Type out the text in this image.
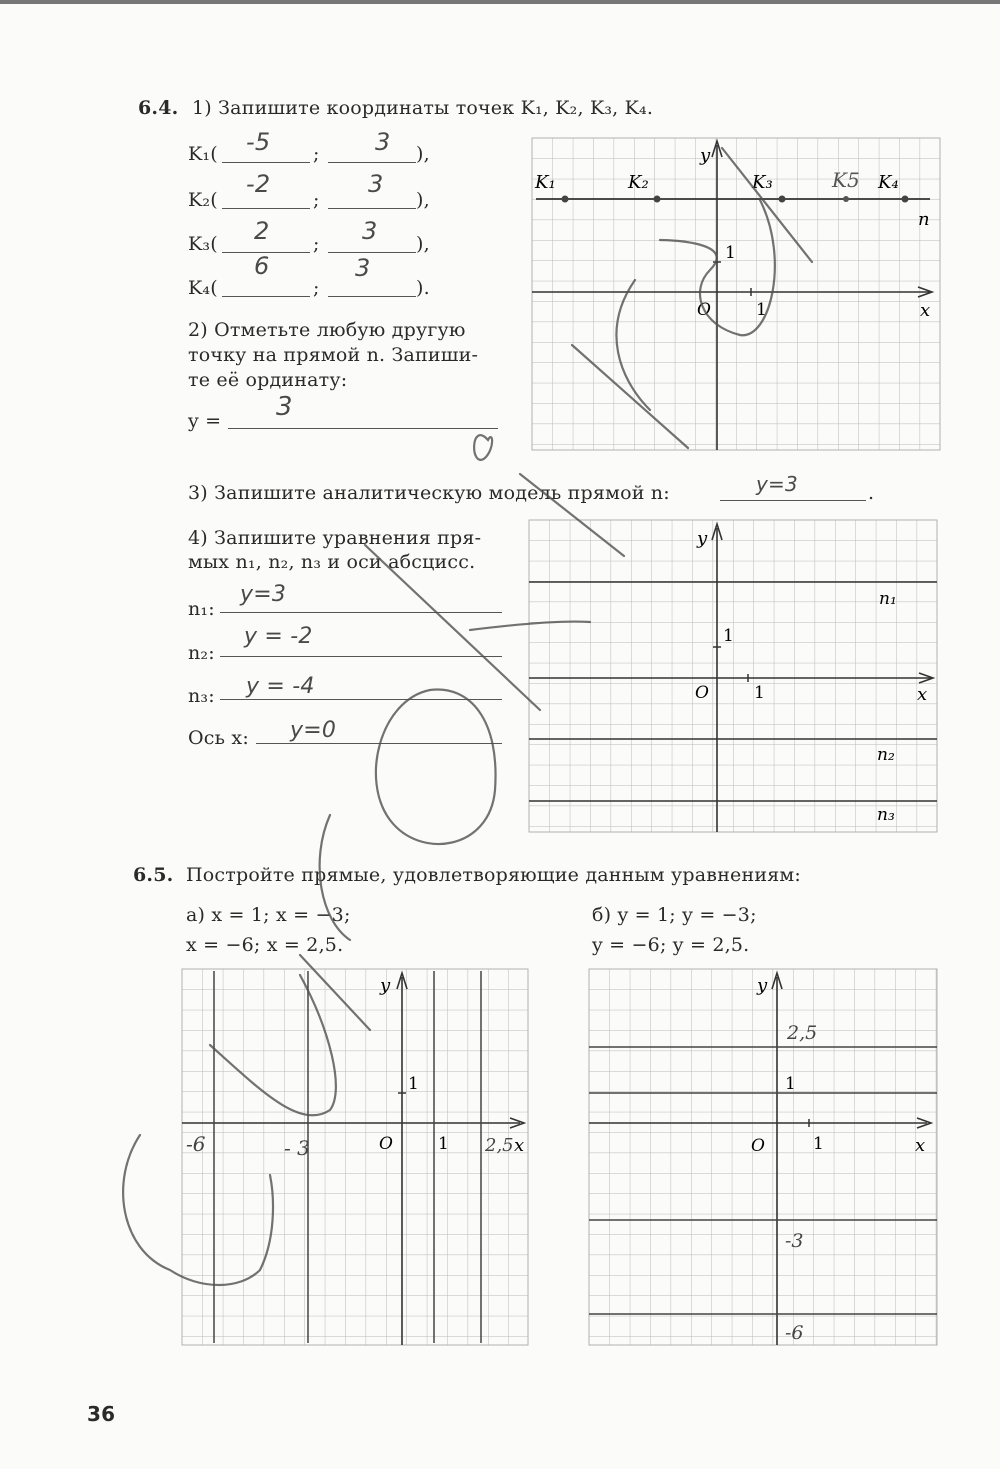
6.4. 1) Запишите координаты точек K₁, K₂, K₃, K₄.
K₁( -5 ; 3 ),
K₂(
-2
;
3
),
K₃( 2 ; 3 ),
K₄(
6
;
3
).
2) Отметьте любую другую
точку на прямой n. Запиши-
те её ординату:
y = 3
3) Запишите аналитическую модель прямой n:	y=3	.
4) Запишите уравнения пря-
мых n₁, n₂, n₃ и оси абсцисс.
n₁:
y=3
n₂:
y = -2
n₃: y = -4
Ось x: y=0
y
x
n
1
1
O
K₁	K₂	K₃	K₄
K5
y
x
1
1
O
n₁
n₂
n₃
6.5. Постройте прямые, удовлетворяющие данным уравнениям:
а) x = 1; x = −3;
x = −6; x = 2,5.
б) y = 1; y = −3;
y = −6; y = 2,5.
y
x
1
1
O
-6	- 3	2,5
y
x
1
1
O
2,5
-3
-6
36
